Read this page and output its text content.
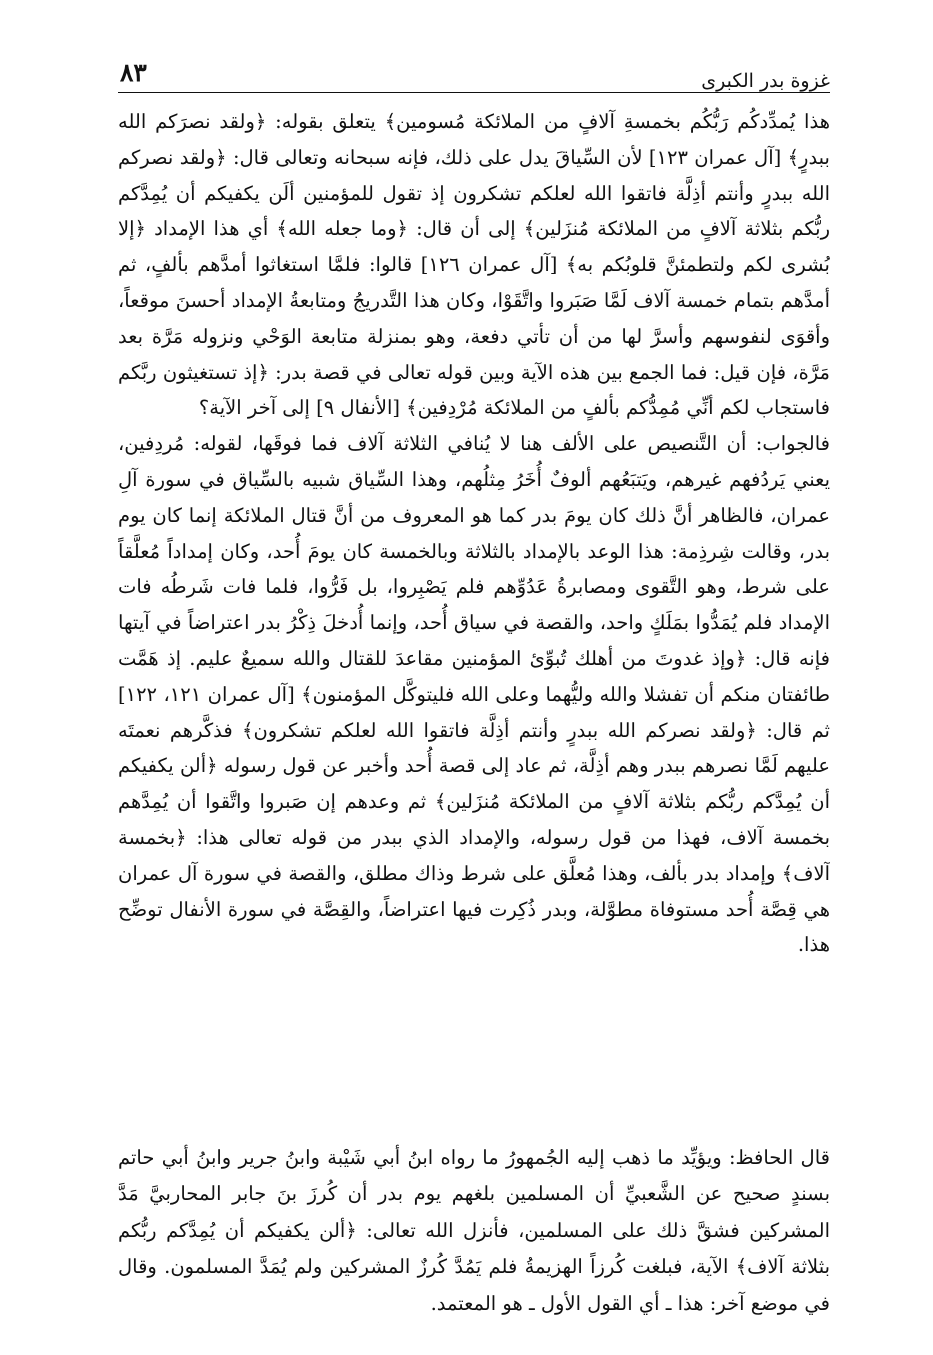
٨٣	غزوة بدر الكبرى

هذا يُمدِّدكُم رَبُّكُم بخمسةِ آلافٍ من الملائكة مُسومين﴾ يتعلق بقوله: ﴿ولقد نصرَكم الله ببدرٍ﴾ [آل عمران ١٢٣] لأن السِّياقَ يدل على ذلك، فإنه سبحانه وتعالى قال: ﴿ولقد نصركم الله ببدرٍ وأنتم أذِلَّة فاتقوا الله لعلكم تشكرون إذ تقول للمؤمنين ألَن يكفيكم أن يُمِدَّكم ربُّكم بثلاثة آلافٍ من الملائكة مُنزَلين﴾ إلى أن قال: ﴿وما جعله الله﴾ أي هذا الإمداد ﴿إلا بُشرى لكم ولتطمئنَّ قلوبُكم به﴾ [آل عمران ١٢٦] قالوا: فلمَّا استغاثوا أمدَّهم بألفٍ، ثم أمدَّهم بتمام خمسة آلاف لَمَّا صَبَروا واتَّقَوْا، وكان هذا التَّدريجُ ومتابعةُ الإمداد أحسنَ موقعاً، وأقوَى لنفوسهم وأسرَّ لها من أن تأتي دفعة، وهو بمنزلة متابعة الوَحْي ونزوله مَرَّة بعد مَرَّة، فإن قيل: فما الجمع بين هذه الآية وبين قوله تعالى في قصة بدر: ﴿إذ تستغيثون ربَّكم فاستجاب لكم أنِّي مُمِدُّكم بألفٍ من الملائكة مُرْدِفين﴾ [الأنفال ٩] إلى آخر الآية؟

فالجواب: أن التَّنصيص على الألف هنا لا يُنافي الثلاثة آلاف فما فوقَها، لقوله: مُردِفين، يعني يَردُفهم غيرهم، ويَتبَعُهم ألوفٌ أُخَرُ مِثلُهم، وهذا السِّياق شبيه بالسِّياق في سورة آلِ عمران، فالظاهر أنَّ ذلك كان يومَ بدر كما هو المعروف من أنَّ قتال الملائكة إنما كان يوم بدر، وقالت شِرذِمة: هذا الوعد بالإمداد بالثلاثة وبالخمسة كان يومَ أُحد، وكان إمداداً مُعلَّقاً على شرط، وهو التَّقوى ومصابرةُ عَدُوِّهم فلم يَصْبِروا، بل فَرُّوا، فلما فات شَرطُه فات الإمداد فلم يُمَدُّوا بمَلَكٍ واحد، والقصة في سياق أُحد، وإنما أُدخلَ ذِكْرُ بدر اعتراضاً في آيتها فإنه قال: ﴿وإذ غدوتَ من أهلك تُبوِّئ المؤمنين مقاعدَ للقتال والله سميعٌ عليم. إذ هَمَّت طائفتان منكم أن تفشلا والله وليُّهما وعلى الله فليتوكَّل المؤمنون﴾ [آل عمران ١٢١، ١٢٢] ثم قال: ﴿ولقد نصركم الله ببدرٍ وأنتم أذِلَّة فاتقوا الله لعلكم تشكرون﴾ فذكَّرهم نعمتَه عليهم لَمَّا نصرهم ببدر وهم أذِلَّة، ثم عاد إلى قصة أُحد وأخبر عن قول رسوله ﴿ألن يكفيكم أن يُمِدَّكم ربُّكم بثلاثة آلافٍ من الملائكة مُنزَلين﴾ ثم وعدهم إن صَبروا واتَّقوا أن يُمِدَّهم بخمسة آلاف، فهذا من قول رسوله، والإمداد الذي ببدر من قوله تعالى هذا: ﴿بخمسة آلاف﴾ وإمداد بدر بألف، وهذا مُعلَّق على شرط وذاك مطلق، والقصة في سورة آل عمران هي قِصَّة أُحد مستوفاة مطوَّلة، وبدر ذُكِرت فيها اعتراضاً، والقِصَّة في سورة الأنفال توضِّح هذا.

قال الحافظ: ويؤيِّد ما ذهب إليه الجُمهورُ ما رواه ابنُ أبي شَيْبة وابنُ جرير وابنُ أبي حاتم بسندٍ صحيح عن الشَّعبيِّ أن المسلمين بلغهم يوم بدر أن كُرزَ بنَ جابر المحاربيَّ مَدَّ المشركين فشقَّ ذلك على المسلمين، فأنزل الله تعالى: ﴿ألن يكفيكم أن يُمِدَّكم ربُّكم بثلاثة آلاف﴾ الآية، فبلغت كُرزاً الهزيمةُ فلم يَمُدَّ كُرزٌ المشركين ولم يُمَدَّ المسلمون. وقال في موضع آخر: هذا ـ أي القول الأول ـ هو المعتمد.
